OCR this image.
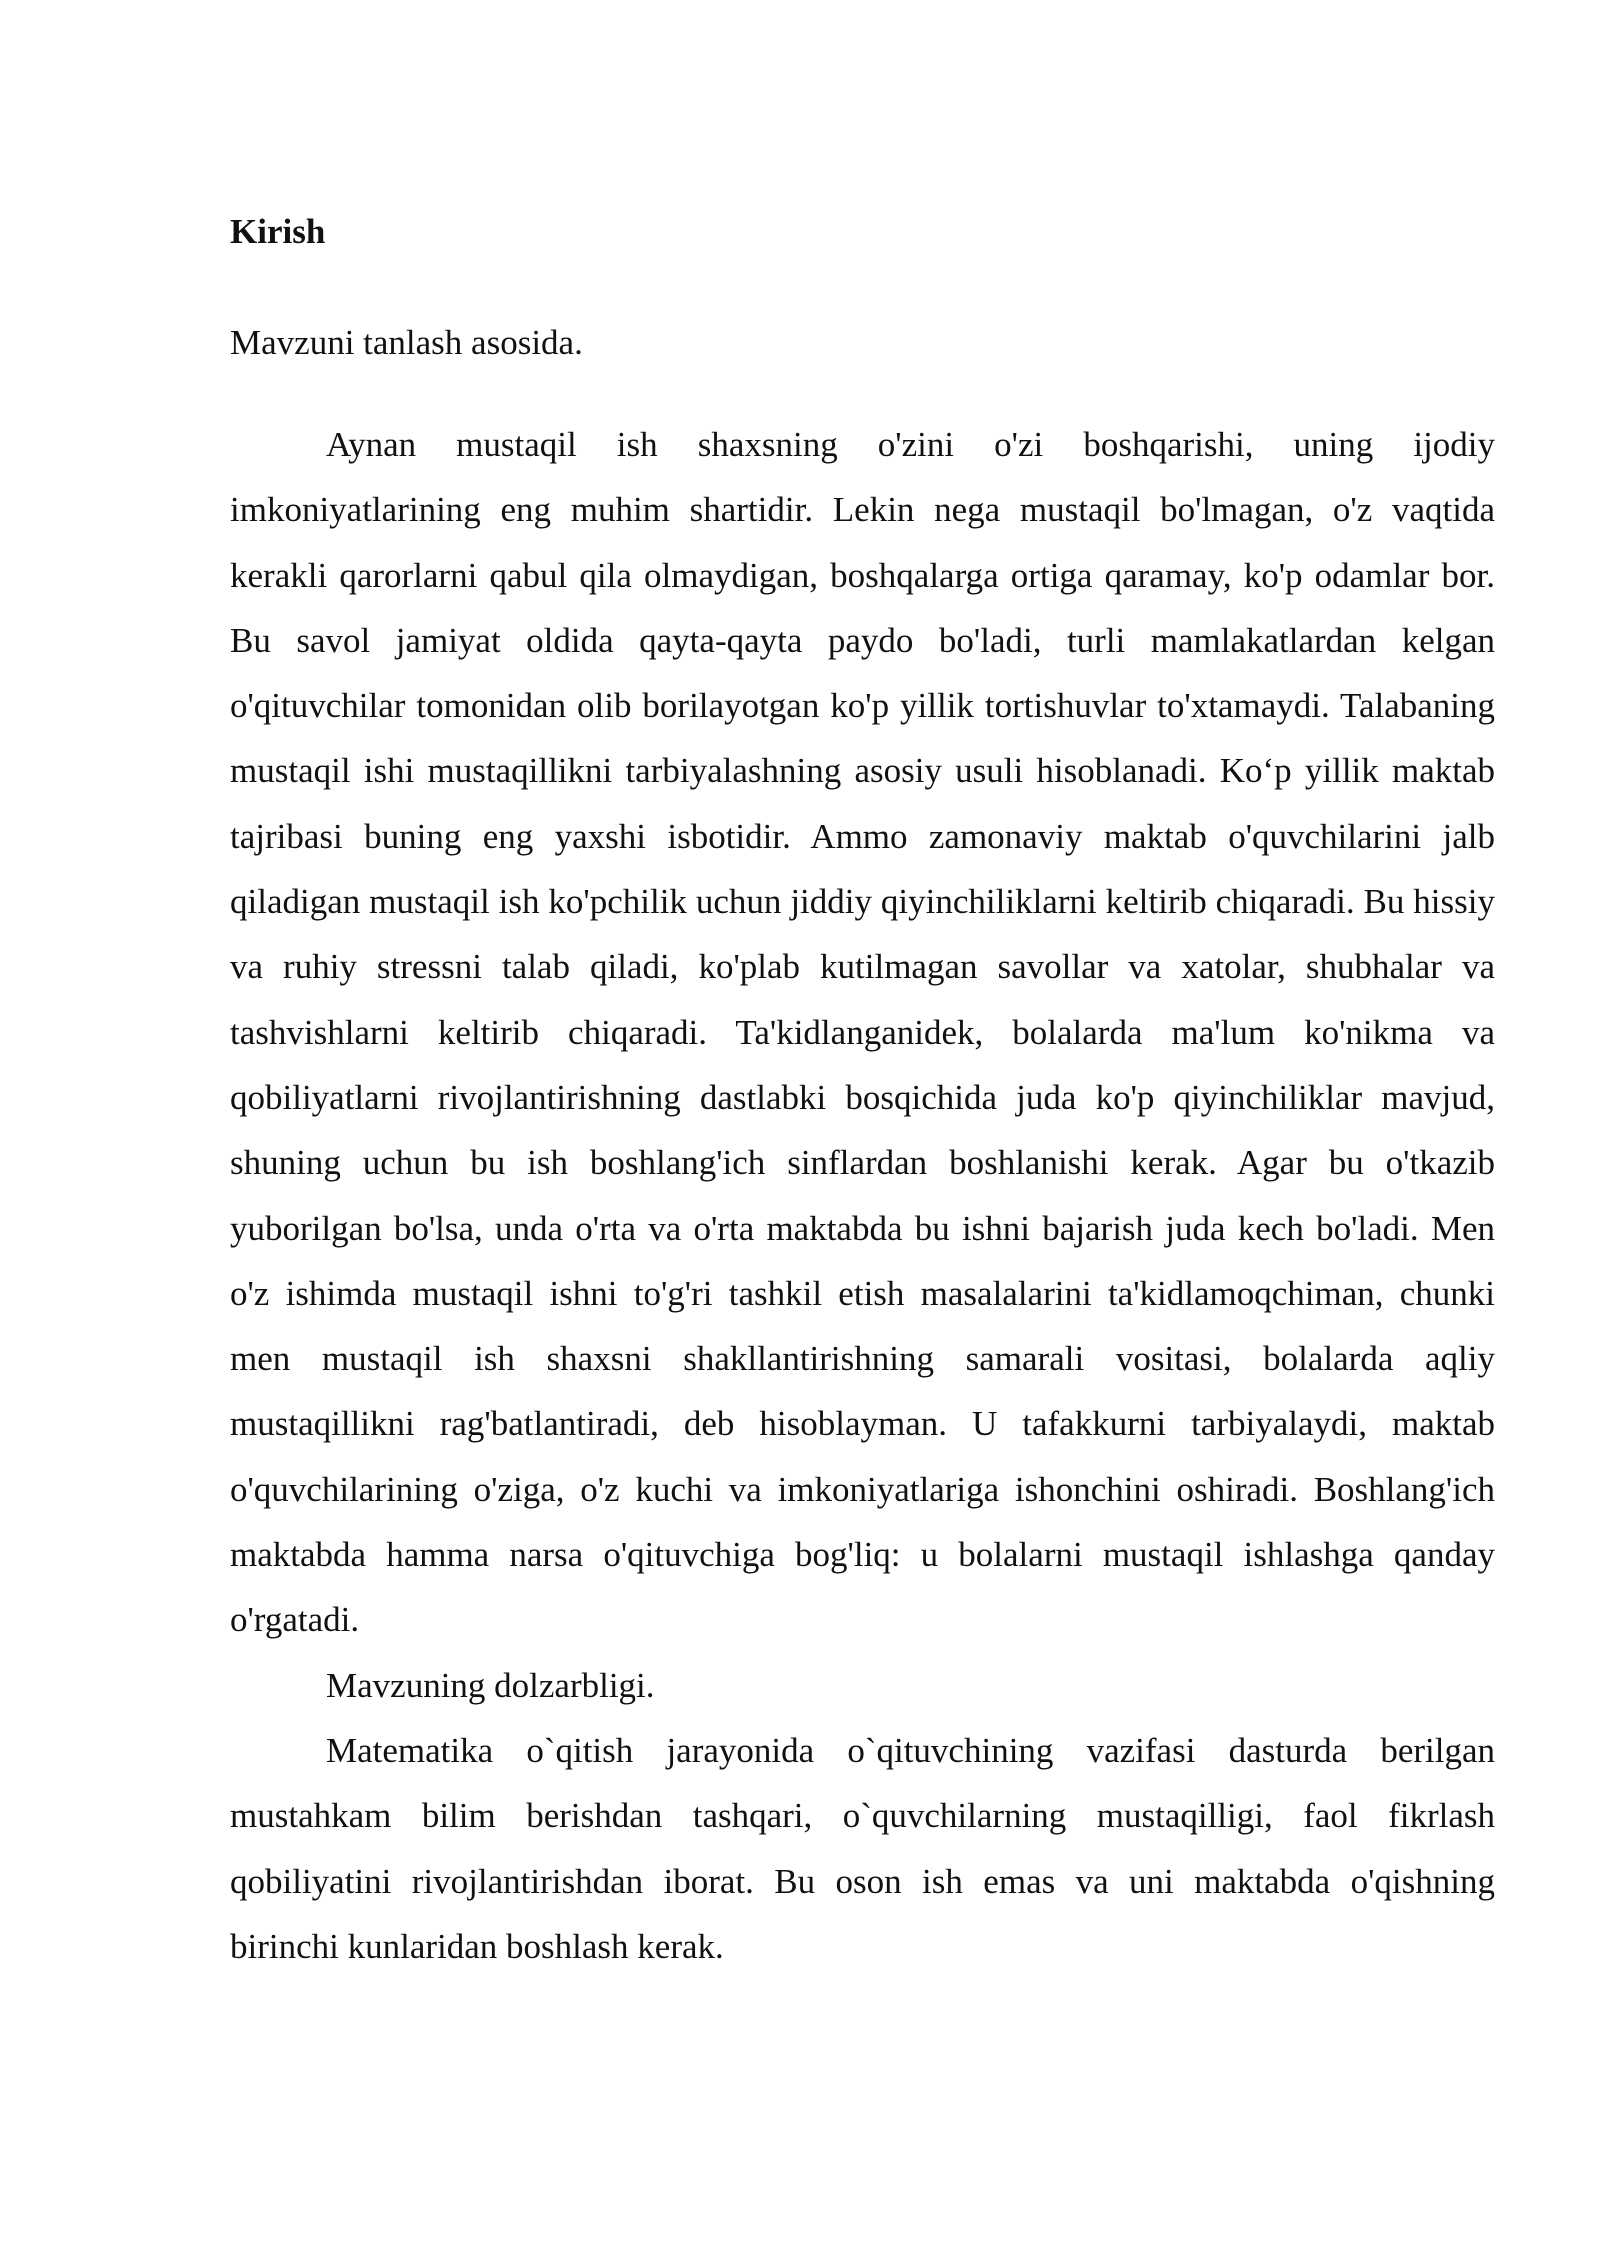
Kirish

Mavzuni tanlash asosida.

Aynan mustaqil ish shaxsning o'zini o'zi boshqarishi, uning ijodiy imkoniyatlarining eng muhim shartidir. Lekin nega mustaqil bo'lmagan, o'z vaqtida kerakli qarorlarni qabul qila olmaydigan, boshqalarga ortiga qaramay, ko'p odamlar bor. Bu savol jamiyat oldida qayta-qayta paydo bo'ladi, turli mamlakatlardan kelgan o'qituvchilar tomonidan olib borilayotgan ko'p yillik tortishuvlar to'xtamaydi. Talabaning mustaqil ishi mustaqillikni tarbiyalashning asosiy usuli hisoblanadi. Ko‘p yillik maktab tajribasi buning eng yaxshi isbotidir. Ammo zamonaviy maktab o'quvchilarini jalb qiladigan mustaqil ish ko'pchilik uchun jiddiy qiyinchiliklarni keltirib chiqaradi. Bu hissiy va ruhiy stressni talab qiladi, ko'plab kutilmagan savollar va xatolar, shubhalar va tashvishlarni keltirib chiqaradi. Ta'kidlanganidek, bolalarda ma'lum ko'nikma va qobiliyatlarni rivojlantirishning dastlabki bosqichida juda ko'p qiyinchiliklar mavjud, shuning uchun bu ish boshlang'ich sinflardan boshlanishi kerak. Agar bu o'tkazib yuborilgan bo'lsa, unda o'rta va o'rta maktabda bu ishni bajarish juda kech bo'ladi. Men o'z ishimda mustaqil ishni to'g'ri tashkil etish masalalarini ta'kidlamoqchiman, chunki men mustaqil ish shaxsni shakllantirishning samarali vositasi, bolalarda aqliy mustaqillikni rag'batlantiradi, deb hisoblayman. U tafakkurni tarbiyalaydi, maktab o'quvchilarining o'ziga, o'z kuchi va imkoniyatlariga ishonchini oshiradi. Boshlang'ich maktabda hamma narsa o'qituvchiga bog'liq: u bolalarni mustaqil ishlashga qanday o'rgatadi.

Mavzuning dolzarbligi.

Matematika o`qitish jarayonida o`qituvchining vazifasi dasturda berilgan mustahkam bilim berishdan tashqari, o`quvchilarning mustaqilligi, faol fikrlash qobiliyatini rivojlantirishdan iborat. Bu oson ish emas va uni maktabda o'qishning birinchi kunlaridan boshlash kerak.
